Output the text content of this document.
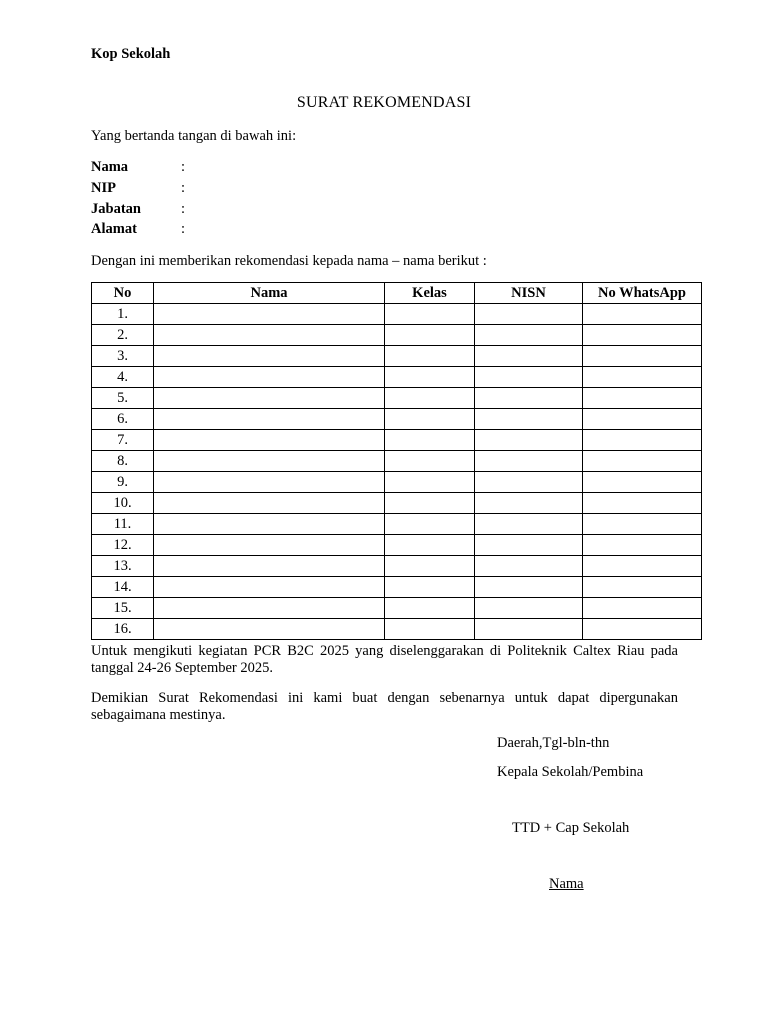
Kop Sekolah
SURAT REKOMENDASI
Yang bertanda tangan di bawah ini:
Nama	:
NIP	:
Jabatan	:
Alamat	:
Dengan ini memberikan rekomendasi kepada nama – nama berikut :
No	Nama	Kelas	NISN	No WhatsApp
1.				
2.				
3.				
4.				
5.				
6.				
7.				
8.				
9.				
10.				
11.				
12.				
13.				
14.				
15.				
16.				
Untuk mengikuti kegiatan PCR B2C 2025 yang diselenggarakan di Politeknik Caltex Riau pada tanggal 24-26 September 2025.
Demikian Surat Rekomendasi ini kami buat dengan sebenarnya untuk dapat dipergunakan sebagaimana mestinya.
Daerah,Tgl-bln-thn
Kepala Sekolah/Pembina
TTD + Cap Sekolah
Nama
